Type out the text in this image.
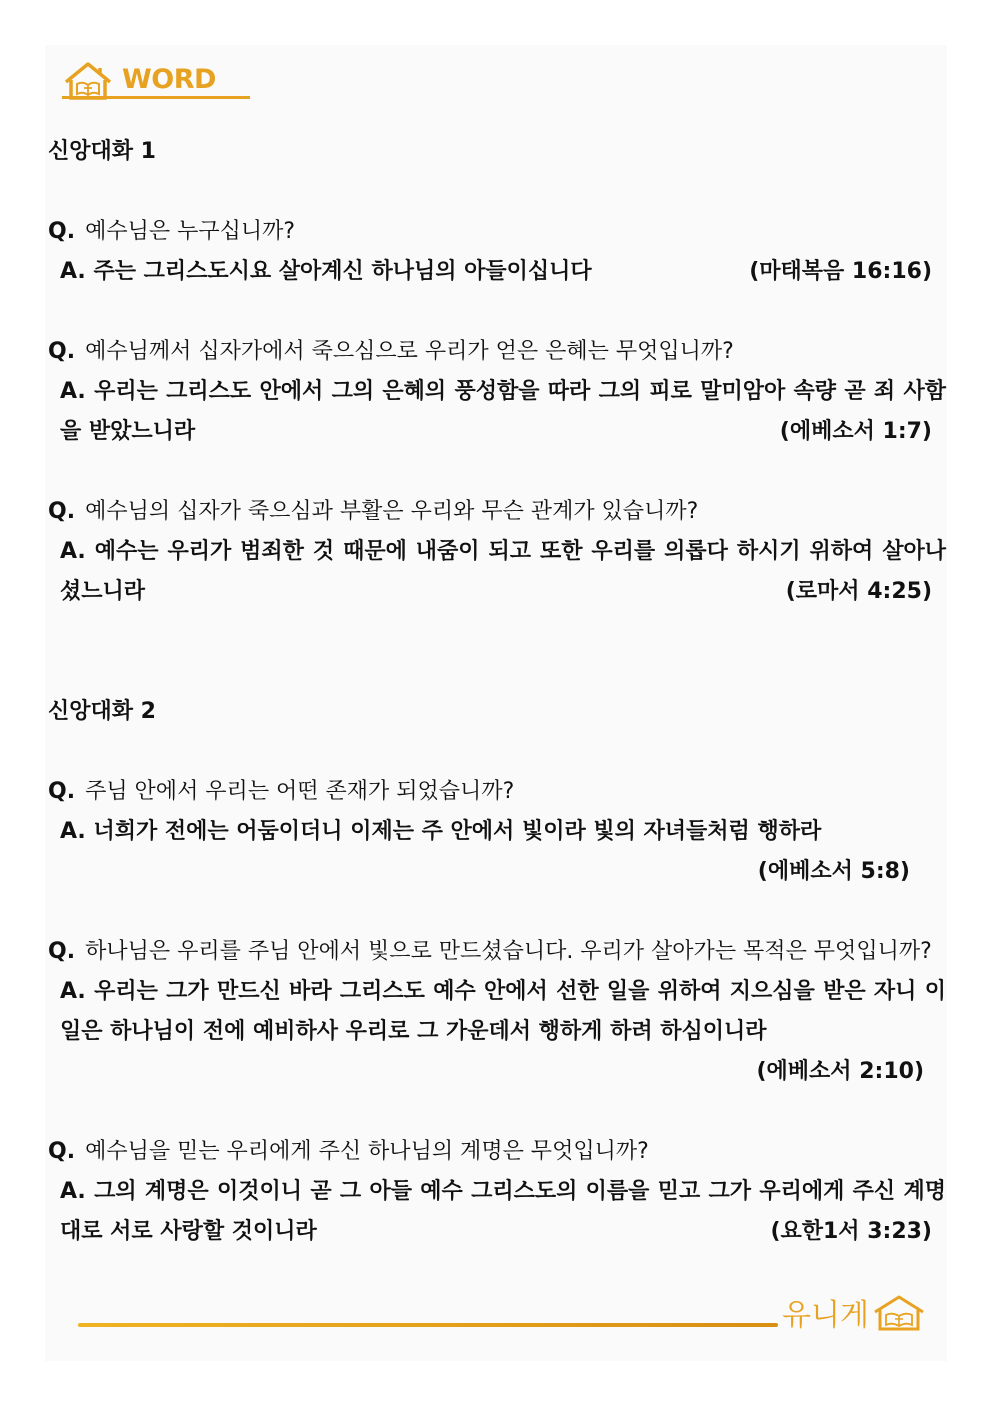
WORD
신앙대화 1
Q. 예수님은 누구십니까?
A. 주는 그리스도시요 살아계신 하나님의 아들이십니다	(마태복음 16:16)
Q. 예수님께서 십자가에서 죽으심으로 우리가 얻은 은혜는 무엇입니까?
A. 우리는 그리스도 안에서 그의 은혜의 풍성함을 따라 그의 피로 말미암아 속량 곧 죄 사함을 받았느니라	(에베소서 1:7)
Q. 예수님의 십자가 죽으심과 부활은 우리와 무슨 관계가 있습니까?
A. 예수는 우리가 범죄한 것 때문에 내줌이 되고 또한 우리를 의롭다 하시기 위하여 살아나셨느니라	(로마서 4:25)
신앙대화 2
Q. 주님 안에서 우리는 어떤 존재가 되었습니까?
A. 너희가 전에는 어둠이더니 이제는 주 안에서 빛이라 빛의 자녀들처럼 행하라
(에베소서 5:8)
Q. 하나님은 우리를 주님 안에서 빛으로 만드셨습니다. 우리가 살아가는 목적은 무엇입니까?
A. 우리는 그가 만드신 바라 그리스도 예수 안에서 선한 일을 위하여 지으심을 받은 자니 이 일은 하나님이 전에 예비하사 우리로 그 가운데서 행하게 하려 하심이니라
(에베소서 2:10)
Q. 예수님을 믿는 우리에게 주신 하나님의 계명은 무엇입니까?
A. 그의 계명은 이것이니 곧 그 아들 예수 그리스도의 이름을 믿고 그가 우리에게 주신 계명대로 서로 사랑할 것이니라	(요한1서 3:23)
유니게
